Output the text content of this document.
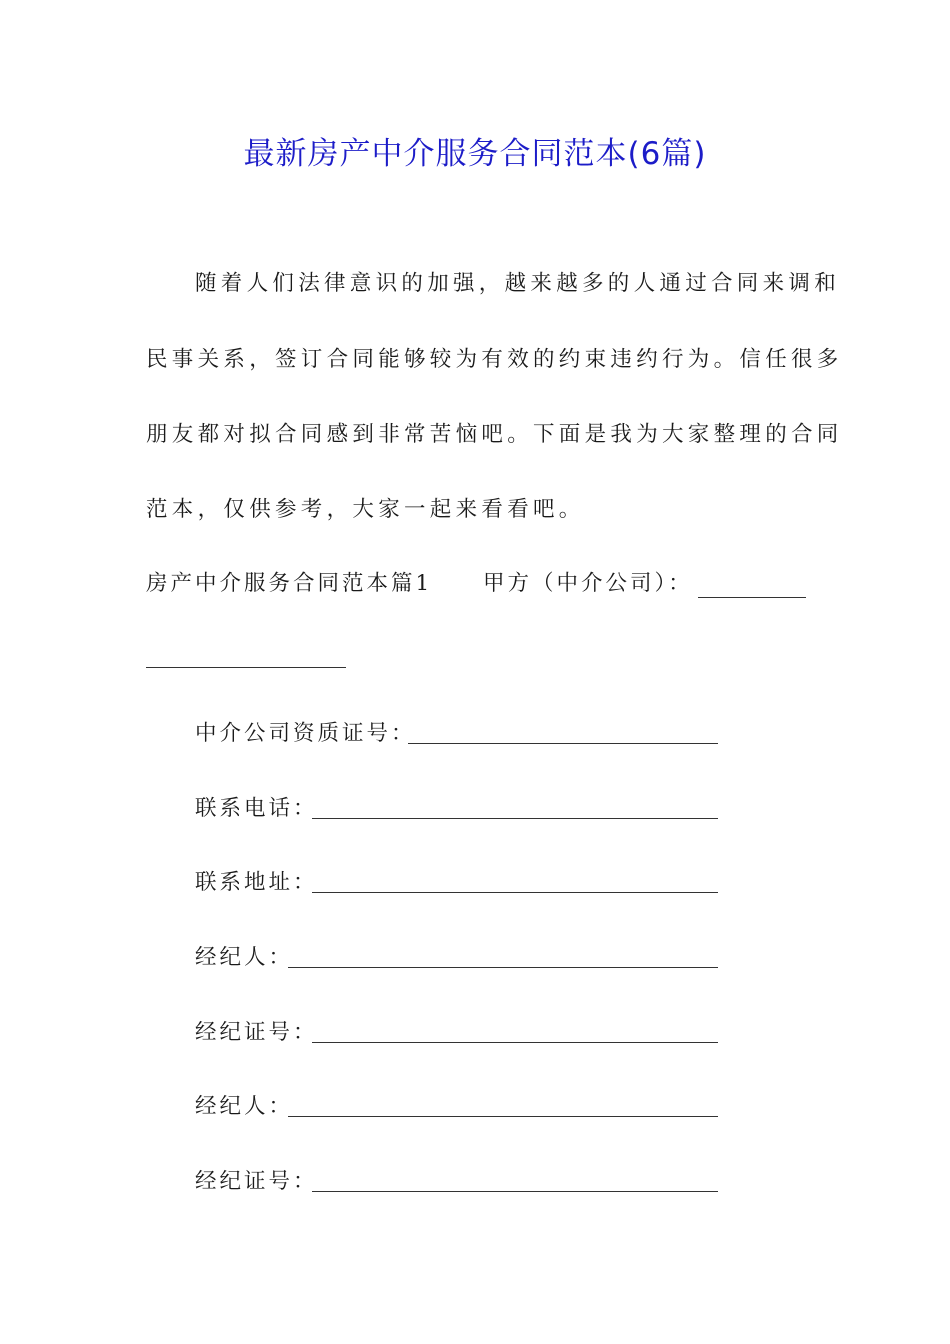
最新房产中介服务合同范本(6篇)
随着人们法律意识的加强，越来越多的人通过合同来调和
民事关系，签订合同能够较为有效的约束违约行为。信任很多
朋友都对拟合同感到非常苦恼吧。下面是我为大家整理的合同
范本，仅供参考，大家一起来看看吧。
房产中介服务合同范本篇1 甲方（中介公司）：
中介公司资质证号：
联系电话：
联系地址：
经纪人：
经纪证号：
经纪人：
经纪证号：
